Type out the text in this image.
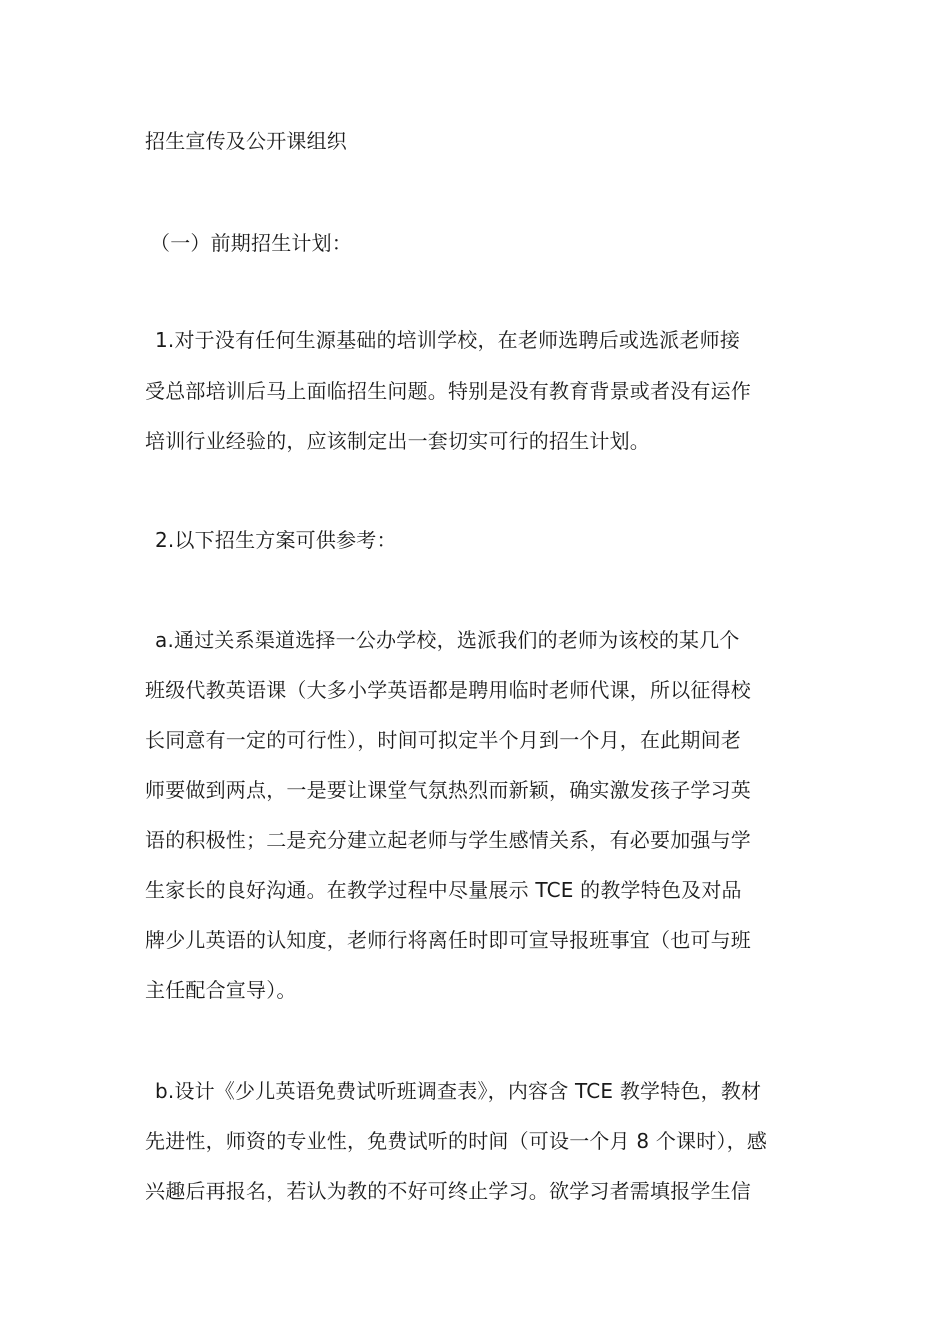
招生宣传及公开课组织
（一）前期招生计划：
1.对于没有任何生源基础的培训学校，在老师选聘后或选派老师接
受总部培训后马上面临招生问题。特别是没有教育背景或者没有运作
培训行业经验的，应该制定出一套切实可行的招生计划。
2.以下招生方案可供参考：
a.通过关系渠道选择一公办学校，选派我们的老师为该校的某几个
班级代教英语课（大多小学英语都是聘用临时老师代课，所以征得校
长同意有一定的可行性），时间可拟定半个月到一个月，在此期间老
师要做到两点，一是要让课堂气氛热烈而新颖，确实激发孩子学习英
语的积极性；二是充分建立起老师与学生感情关系，有必要加强与学
生家长的良好沟通。在教学过程中尽量展示 TCE 的教学特色及对品
牌少儿英语的认知度，老师行将离任时即可宣导报班事宜（也可与班
主任配合宣导）。
b.设计《少儿英语免费试听班调查表》，内容含 TCE 教学特色，教材
先进性，师资的专业性，免费试听的时间（可设一个月 8 个课时），感
兴趣后再报名，若认为教的不好可终止学习。欲学习者需填报学生信
